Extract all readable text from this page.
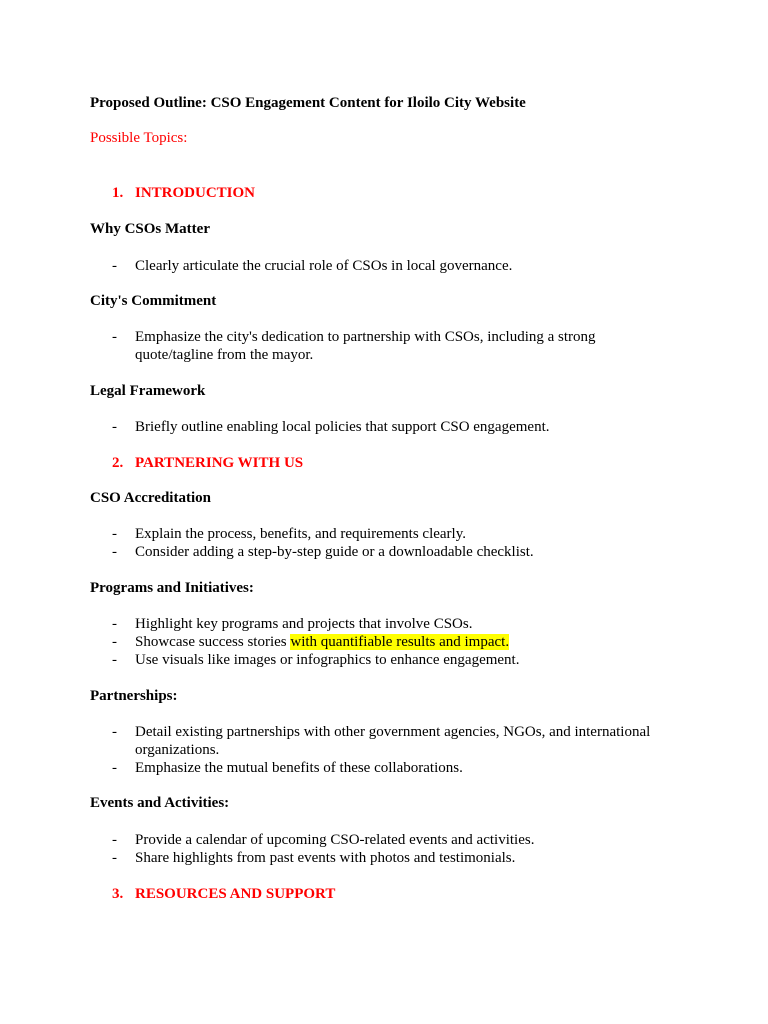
Proposed Outline: CSO Engagement Content for Iloilo City Website
Possible Topics:
1. INTRODUCTION
Why CSOs Matter
- Clearly articulate the crucial role of CSOs in local governance.
City's Commitment
- Emphasize the city's dedication to partnership with CSOs, including a strong
quote/tagline from the mayor.
Legal Framework
- Briefly outline enabling local policies that support CSO engagement.
2. PARTNERING WITH US
CSO Accreditation
- Explain the process, benefits, and requirements clearly.
- Consider adding a step-by-step guide or a downloadable checklist.
Programs and Initiatives:
- Highlight key programs and projects that involve CSOs.
- Showcase success stories with quantifiable results and impact.
- Use visuals like images or infographics to enhance engagement.
Partnerships:
- Detail existing partnerships with other government agencies, NGOs, and international
organizations.
- Emphasize the mutual benefits of these collaborations.
Events and Activities:
- Provide a calendar of upcoming CSO-related events and activities.
- Share highlights from past events with photos and testimonials.
3. RESOURCES AND SUPPORT
